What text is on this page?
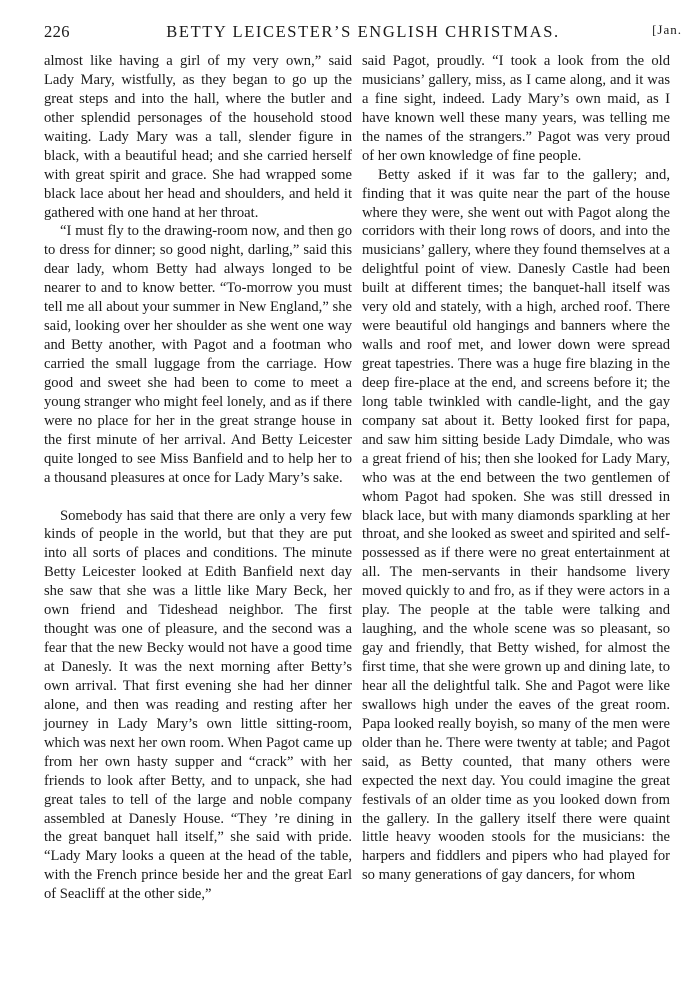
226	BETTY LEICESTER’S ENGLISH CHRISTMAS.	[Jan.

almost like having a girl of my very own,” said Lady Mary, wistfully, as they began to go up the great steps and into the hall, where the butler and other splendid personages of the household stood waiting. Lady Mary was a tall, slender figure in black, with a beautiful head; and she carried herself with great spirit and grace. She had wrapped some black lace about her head and shoulders, and held it gathered with one hand at her throat.

“I must fly to the drawing-room now, and then go to dress for dinner; so good night, darling,” said this dear lady, whom Betty had always longed to be nearer to and to know better. “To-morrow you must tell me all about your summer in New England,” she said, looking over her shoulder as she went one way and Betty another, with Pagot and a footman who carried the small luggage from the carriage. How good and sweet she had been to come to meet a young stranger who might feel lonely, and as if there were no place for her in the great strange house in the first minute of her arrival. And Betty Leicester quite longed to see Miss Banfield and to help her to a thousand pleasures at once for Lady Mary’s sake.

Somebody has said that there are only a very few kinds of people in the world, but that they are put into all sorts of places and conditions. The minute Betty Leicester looked at Edith Banfield next day she saw that she was a little like Mary Beck, her own friend and Tideshead neighbor. The first thought was one of pleasure, and the second was a fear that the new Becky would not have a good time at Danesly. It was the next morning after Betty’s own arrival. That first evening she had her dinner alone, and then was reading and resting after her journey in Lady Mary’s own little sitting-room, which was next her own room. When Pagot came up from her own hasty supper and “crack” with her friends to look after Betty, and to unpack, she had great tales to tell of the large and noble company assembled at Danesly House. “They ’re dining in the great banquet hall itself,” she said with pride. “Lady Mary looks a queen at the head of the table, with the French prince beside her and the great Earl of Seacliff at the other side,”

said Pagot, proudly. “I took a look from the old musicians’ gallery, miss, as I came along, and it was a fine sight, indeed. Lady Mary’s own maid, as I have known well these many years, was telling me the names of the strangers.” Pagot was very proud of her own knowledge of fine people.

Betty asked if it was far to the gallery; and, finding that it was quite near the part of the house where they were, she went out with Pagot along the corridors with their long rows of doors, and into the musicians’ gallery, where they found themselves at a delightful point of view. Danesly Castle had been built at different times; the banquet-hall itself was very old and stately, with a high, arched roof. There were beautiful old hangings and banners where the walls and roof met, and lower down were spread great tapestries. There was a huge fire blazing in the deep fire-place at the end, and screens before it; the long table twinkled with candle-light, and the gay company sat about it. Betty looked first for papa, and saw him sitting beside Lady Dimdale, who was a great friend of his; then she looked for Lady Mary, who was at the end between the two gentlemen of whom Pagot had spoken. She was still dressed in black lace, but with many diamonds sparkling at her throat, and she looked as sweet and spirited and self-possessed as if there were no great entertainment at all. The men-servants in their handsome livery moved quickly to and fro, as if they were actors in a play. The people at the table were talking and laughing, and the whole scene was so pleasant, so gay and friendly, that Betty wished, for almost the first time, that she were grown up and dining late, to hear all the delightful talk. She and Pagot were like swallows high under the eaves of the great room. Papa looked really boyish, so many of the men were older than he. There were twenty at table; and Pagot said, as Betty counted, that many others were expected the next day. You could imagine the great festivals of an older time as you looked down from the gallery. In the gallery itself there were quaint little heavy wooden stools for the musicians: the harpers and fiddlers and pipers who had played for so many generations of gay dancers, for whom
